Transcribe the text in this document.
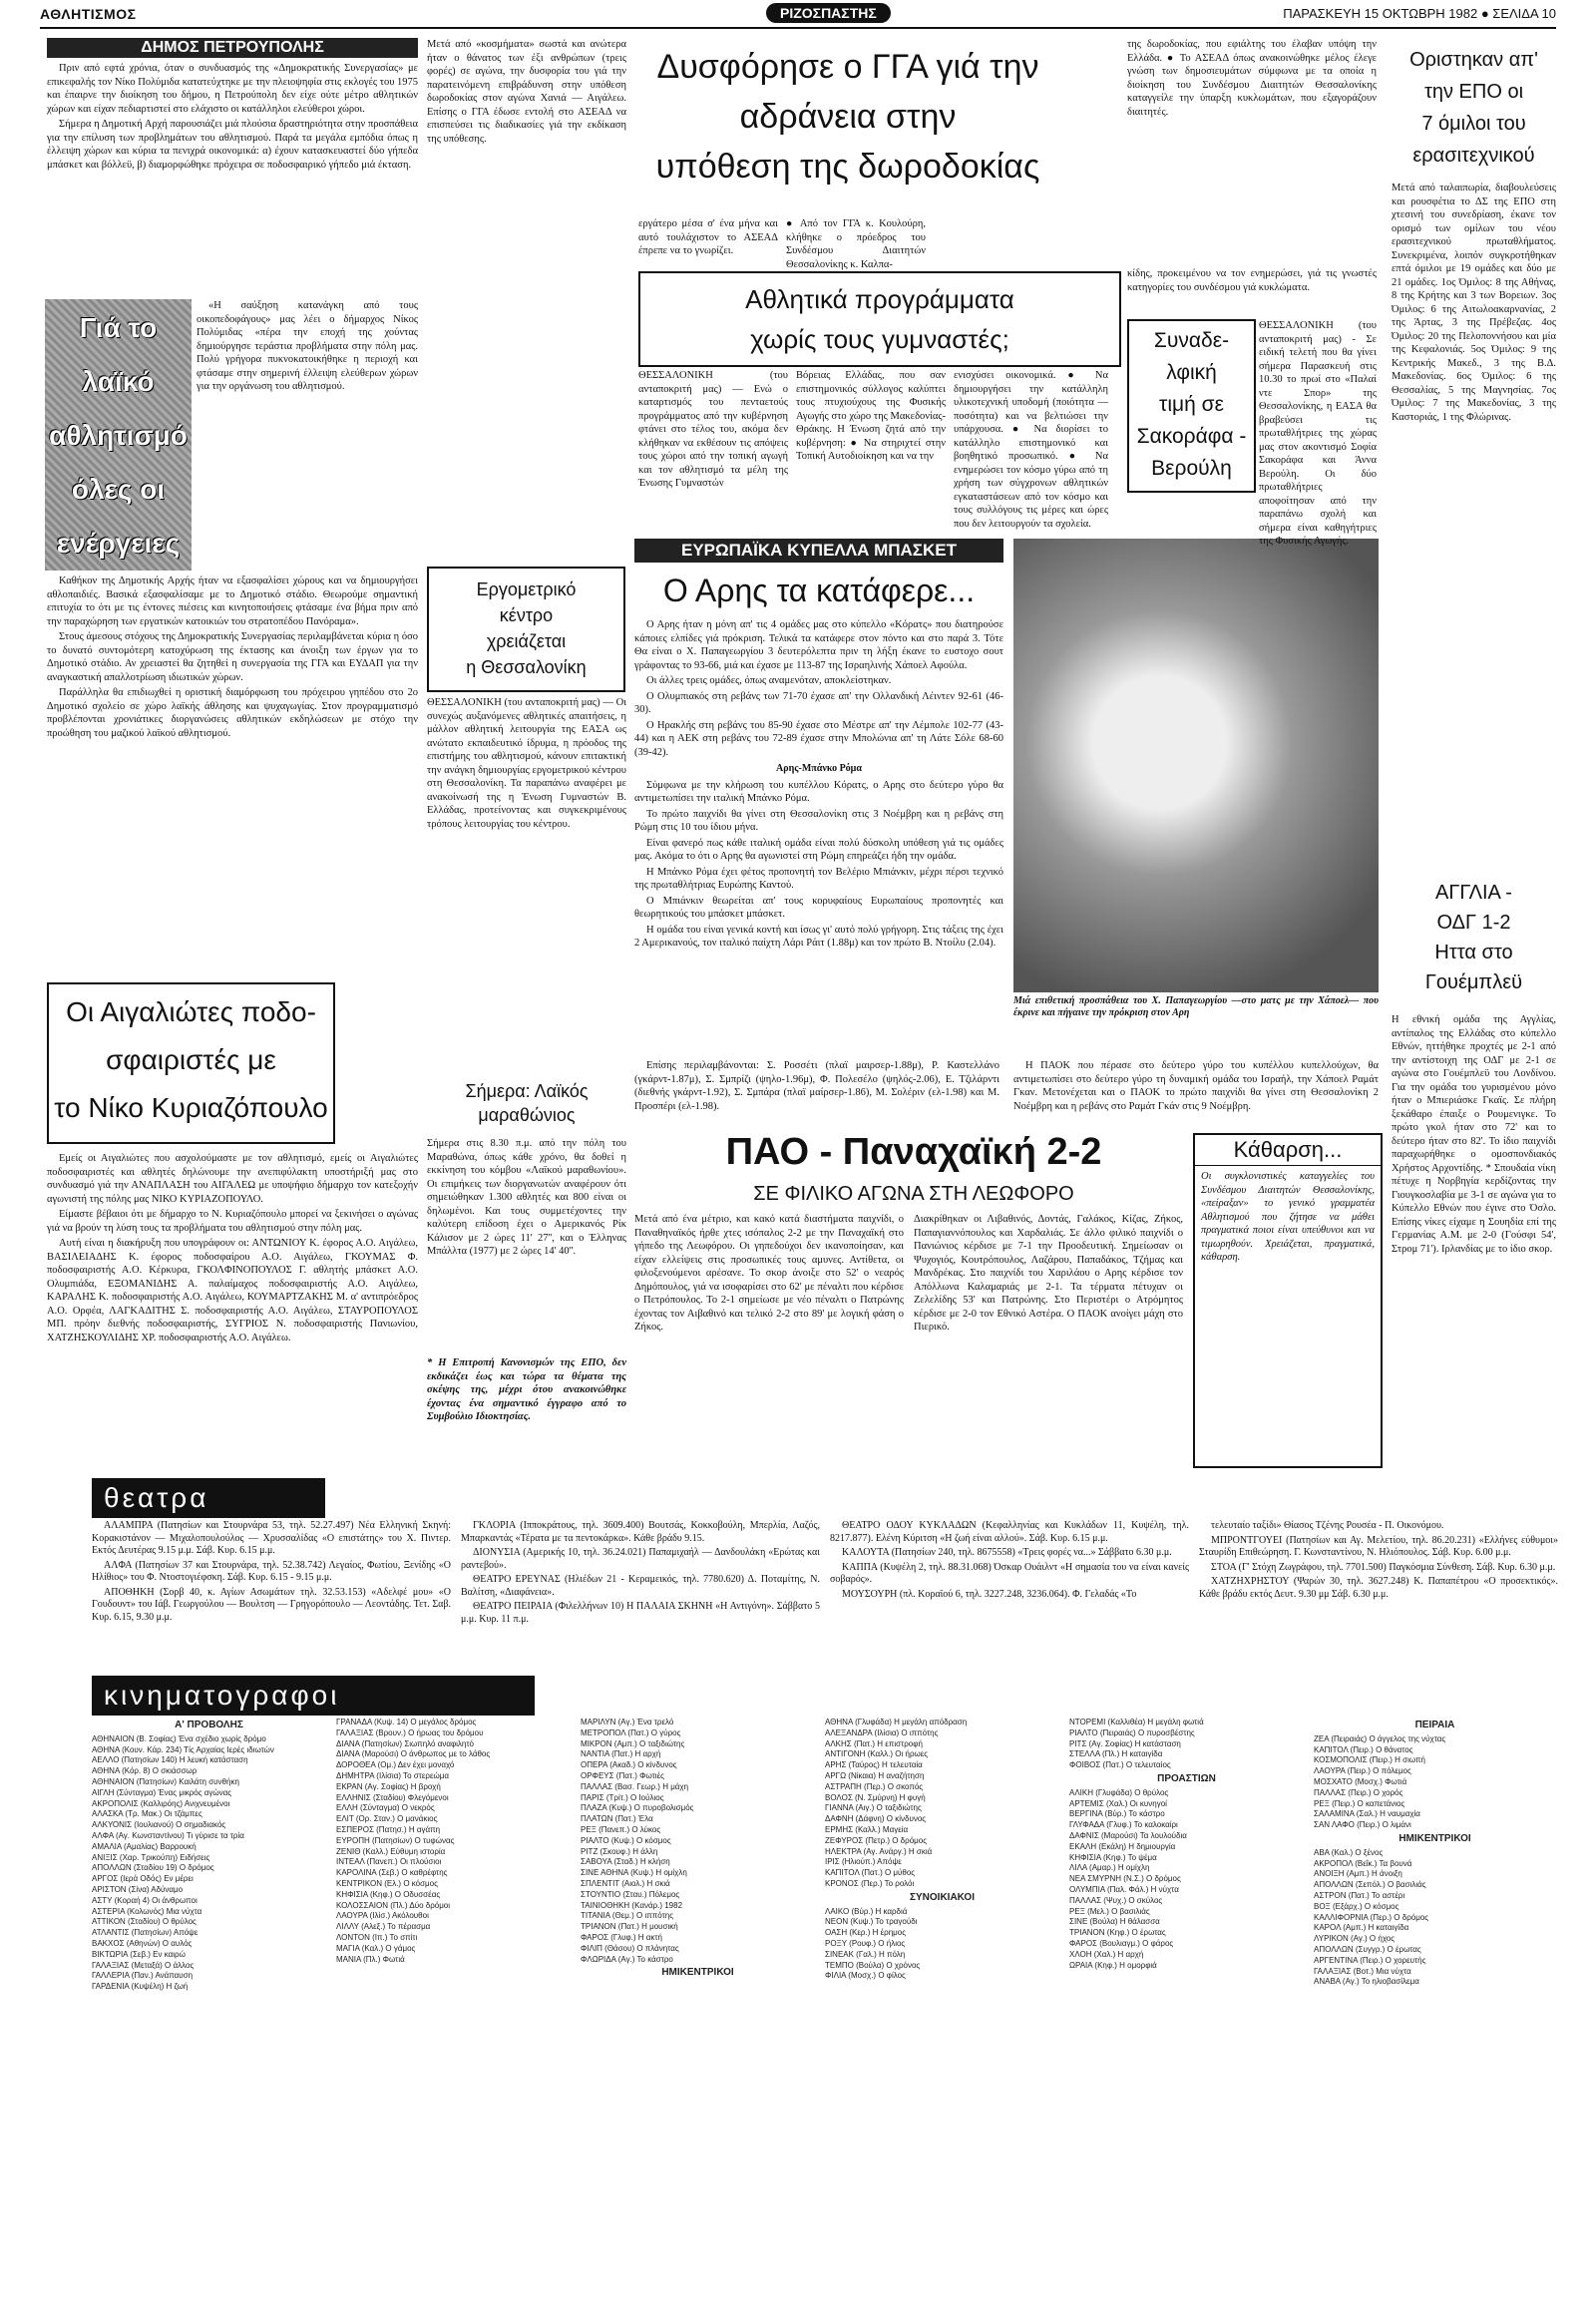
ΑΘΛΗΤΙΣΜΟΣ	ΡΙΖΟΣΠΑΣΤΗΣ	ΠΑΡΑΣΚΕΥΗ 15 ΟΚΤΩΒΡΗ 1982 ● ΣΕΛΙΔΑ 10
ΔΗΜΟΣ ΠΕΤΡΟΥΠΟΛΗΣ
Γιά το
λαϊκό
αθλητισμό
όλες οι
ενέργειες

Πριν από εφτά χρόνια, όταν ο συνδυασμός της «Δημοκρατικής Συνεργασίας» με επικεφαλής τον Νίκο Πολύμιδα κατατεύχτηκε με την πλειοψηφία στις εκλογές του 1975 και έπαιρνε την διοίκηση του δήμου, η Πετρούπολη δεν είχε ούτε μέτρο αθλητικών χώρων και είχαν πεδιαρτιστεί στο ελάχιστο οι κατάλληλοι ελεύθεροι χώροι.

Σήμερα η Δημοτική Αρχή παρουσιάζει μιά πλούσια δραστηριότητα στην προσπάθεια για την επίλυση των προβλημάτων του αθλητισμού. Παρά τα μεγάλα εμπόδια όπως η έλλειψη χώρων και κύρια τα πενιχρά οικονομικά: α) έχουν κατασκευαστεί δύο γήπεδα μπάσκετ και βόλλεϋ, β) διαμορφώθηκε πρόχειρα σε ποδοσφαιρικό γήπεδο μιά έκταση.

«Η σαύξηση κατανάγκη από τους οικοπεδοφάγους» μας λέει ο δήμαρχος Νίκος Πολύμιδας «πέρα την εποχή της χούντας δημιούργησε τεράστια προβλήματα στην πόλη μας. Πολύ γρήγορα πυκνοκατοικήθηκε η περιοχή και φτάσαμε στην σημερινή έλλειψη ελεύθερων χώρων για την οργάνωση του αθλητισμού.

Καθήκον της Δημοτικής Αρχής ήταν να εξασφαλίσει χώρους και να δημιουργήσει αθλοπαιδιές. Βασικά εξασφαλίσαμε με το Δημοτικό στάδιο. Θεωρούμε σημαντική επιτυχία το ότι με τις έντονες πιέσεις και κινητοποιήσεις φτάσαμε ένα βήμα πριν από την παραχώρηση των εργατικών κατοικιών του στρατοπέδου Πανόραμα».

Στους άμεσους στόχους της Δημοκρατικής Συνεργασίας περιλαμβάνεται κύρια η όσο το δυνατό συντομότερη κατοχύρωση της έκτασης και άνοιξη των έργων για το Δημοτικό στάδιο. Αν χρειαστεί θα ζητηθεί η συνεργασία της ΓΓΑ και ΕΥΔΑΠ για την αναγκαστική απαλλοτρίωση ιδιωτικών χώρων.

Παράλληλα θα επιδιωχθεί η οριστική διαμόρφωση του πρόχειρου γηπέδου στο 2ο Δημοτικό σχολείο σε χώρο λαϊκής άθλησης και ψυχαγωγίας. Στον προγραμματισμό προβλέπονται χρονιάτικες διοργανώσεις αθλητικών εκδηλώσεων με στόχο την προώθηση του μαζικού λαϊκού αθλητισμού.

Οι Αιγαλιώτες ποδο-
σφαιριστές με
το Νίκο Κυριαζόπουλο

Εμείς οι Αιγαλιώτες που ασχολούμαστε με τον αθλητισμό, εμείς οι Αιγαλιώτες ποδοσφαιριστές και αθλητές δηλώνουμε την ανεπιφύλακτη υποστήριξή μας στο συνδυασμό γιά την ΑΝΑΠΛΑΣΗ του ΑΙΓΑΛΕΩ με υποψήφιο δήμαρχο τον κατεξοχήν αγωνιστή της πόλης μας ΝΙΚΟ ΚΥΡΙΑΖΟΠΟΥΛΟ.

Είμαστε βέβαιοι ότι με δήμαρχο το Ν. Κυριαζόπουλο μπορεί να ξεκινήσει ο αγώνας γιά να βρούν τη λύση τους τα προβλήματα του αθλητισμού στην πόλη μας.

Αυτή είναι η διακήρυξη που υπογράφουν οι: ΑΝΤΩΝΙΟΥ Κ. έφορος Α.Ο. Αιγάλεω, ΒΑΣΙΛΕΙΑΔΗΣ Κ. έφορος ποδοσφαίρου Α.Ο. Αιγάλεω, ΓΚΟΥΜΑΣ Φ. ποδοσφαιριστής Α.Ο. Κέρκυρα, ΓΚΟΛΦΙΝΟΠΟΥΛΟΣ Γ. αθλητής μπάσκετ Α.Ο. Ολυμπιάδα, ΕΞΟΜΑΝΙΔΗΣ Α. παλαίμαχος ποδοσφαιριστής Α.Ο. Αιγάλεω, ΚΑΡΑΛΗΣ Κ. ποδοσφαιριστής Α.Ο. Αιγάλεω, ΚΟΥΜΑΡΤΖΑΚΗΣ Μ. α' αντιπρόεδρος Α.Ο. Ορφέα, ΛΑΓΚΑΔΙΤΗΣ Σ. ποδοσφαιριστής Α.Ο. Αιγάλεω, ΣΤΑΥΡΟΠΟΥΛΟΣ ΜΠ. πρόην διεθνής ποδοσφαιριστής, ΣΥΓΡΙΟΣ Ν. ποδοσφαιριστής Πανιωνίου, ΧΑΤΖΗΣΚΟΥΛΙΔΗΣ ΧΡ. ποδοσφαιριστής Α.Ο. Αιγάλεω.

Μετά από «κοσμήματα» σωστά και ανώτερα ήταν ο θάνατος των έξι ανθρώπων (τρεις φορές) σε αγώνα, την δυσφορία του γιά την παρατεινόμενη επιβράδυνση στην υπόθεση δωροδοκίας στον αγώνα Χανιά — Αιγάλεω. Επίσης ο ΓΓΑ έδωσε εντολή στο ΑΣΕΑΔ να επισπεύσει τις διαδικασίες γιά την εκδίκαση της υπόθεσης.
Εργομετρικό
κέντρο
χρειάζεται
η Θεσσαλονίκη
ΘΕΣΣΑΛΟΝΙΚΗ (του ανταποκριτή μας) — Οι συνεχώς αυξανόμενες αθλητικές απαιτήσεις, η μάλλον αθλητική λειτουργία της ΕΑΣΑ ως ανώτατο εκπαιδευτικό ίδρυμα, η πρόοδος της επιστήμης του αθλητισμού, κάνουν επιτακτική την ανάγκη δημιουργίας εργομετρικού κέντρου στη Θεσσαλονίκη. Τα παραπάνω αναφέρει με ανακοίνωσή της η Ένωση Γυμναστών Β. Ελλάδας, προτείνοντας και συγκεκριμένους τρόπους λειτουργίας του κέντρου.
Σήμερα: Λαϊκός
μαραθώνιος
Σήμερα στις 8.30 π.μ. από την πόλη του Μαραθώνα, όπως κάθε χρόνο, θα δοθεί η εκκίνηση του κόμβου «Λαϊκού μαραθωνίου». Οι επιμήκεις των διοργανωτών αναφέρουν ότι σημειώθηκαν 1.300 αθλητές και 800 είναι οι δηλωμένοι. Και τους συμμετέχοντες την καλύτερη επίδοση έχει ο Αμερικανός Ρίκ Κάλισον με 2 ώρες 11' 27'', και ο Έλληνας Μπάλλτα (1977) με 2 ώρες 14' 40''.
* Η Επιτροπή Κανονισμών της ΕΠΟ, δεν εκδικάζει έως και τώρα τα θέματα της σκέψης της, μέχρι ότου ανακοινώθηκε έχοντας ένα σημαντικό έγγραφο από το Συμβούλιο Ιδιοκτησίας.
Δυσφόρησε ο ΓΓΑ γιά την
αδράνεια στην
υπόθεση της δωροδοκίας
εργάτερο μέσα σ' ένα μήνα και αυτό τουλάχιστον το ΑΣΕΑΔ έπρεπε να το γνωρίζει.
● Από τον ΓΓΑ κ. Κουλούρη, κλήθηκε ο πρόεδρος του Συνδέσμου Διαιτητών Θεσσαλονίκης κ. Καλπα-
Αθλητικά προγράμματα
χωρίς τους γυμναστές;
ΘΕΣΣΑΛΟΝΙΚΗ (του ανταποκριτή μας) — Ενώ ο καταρτισμός του πενταετούς προγράμματος από την κυβέρνηση φτάνει στο τέλος του, ακόμα δεν κλήθηκαν να εκθέσουν τις απόψεις τους χώροι από την τοπική αγωγή και τον αθλητισμό τα μέλη της Ένωσης Γυμναστών
Βόρειας Ελλάδας, που σαν επιστημονικός σύλλογος καλύπτει τους πτυχιούχους της Φυσικής Αγωγής στο χώρο της Μακεδονίας-Θράκης. Η Ένωση ζητά από την κυβέρνηση: ● Να στηριχτεί στην Τοπική Αυτοδιοίκηση και να την
ενισχύσει οικονομικά. ● Να δημιουργήσει την κατάλληλη υλικοτεχνική υποδομή (ποιότητα — ποσότητα) και να βελτιώσει την υπάρχουσα. ● Να διορίσει το κατάλληλο επιστημονικό και βοηθητικό προσωπικό. ● Να ενημερώσει τον κόσμο γύρω από τη χρήση των σύγχρονων αθλητικών εγκαταστάσεων από τον κόσμο και τους συλλόγους τις μέρες και ώρες που δεν λειτουργούν τα σχολεία.
ΕΥΡΩΠΑΪΚΑ ΚΥΠΕΛΛΑ ΜΠΑΣΚΕΤ
Ο Αρης τα κατάφερε...

Ο Αρης ήταν η μόνη απ' τις 4 ομάδες μας στο κύπελλο «Κόρατς» που διατηρούσε κάποιες ελπίδες γιά πρόκριση. Τελικά τα κατάφερε στον πόντο και στο παρά 3. Τότε Θα είναι ο Χ. Παπαγεωργίου 3 δευτερόλεπτα πριν τη λήξη έκανε το ευστοχο σουτ γράφοντας το 93-66, μιά και έχασε με 113-87 της Ισραηλινής Χάποελ Αφούλα.

Οι άλλες τρεις ομάδες, όπως αναμενόταν, αποκλείστηκαν.

Ο Ολυμπιακός στη ρεβάνς των 71-70 έχασε απ' την Ολλανδική Λέιντεν 92-61 (46-30).

Ο Ηρακλής στη ρεβάνς του 85-90 έχασε στο Μέστρε απ' την Λέμπολε 102-77 (43-44) και η ΑΕΚ στη ρεβάνς του 72-89 έχασε στην Μπολώνια απ' τη Λάτε Σόλε 68-60 (39-42).

Αρης-Μπάνκο Ρόμα

Σύμφωνα με την κλήρωση του κυπέλλου Κόρατς, ο Αρης στο δεύτερο γύρο θα αντιμετωπίσει την ιταλική Μπάνκο Ρόμα.

Το πρώτο παιχνίδι θα γίνει στη Θεσσαλονίκη στις 3 Νοέμβρη και η ρεβάνς στη Ρώμη στις 10 του ίδιου μήνα.

Είναι φανερό πως κάθε ιταλική ομάδα είναι πολύ δύσκολη υπόθεση γιά τις ομάδες μας. Ακόμα το ότι ο Αρης θα αγωνιστεί στη Ρώμη επηρεάζει ήδη την ομάδα.

Η Μπάνκο Ρόμα έχει φέτος προπονητή τον Βελέριο Μπιάνκιν, μέχρι πέρσι τεχνικό της πρωταθλήτριας Ευρώπης Καντού.

Ο Μπιάνκιν θεωρείται απ' τους κορυφαίους Ευρωπαίους προπονητές και θεωρητικούς του μπάσκετ μπάσκετ.

Η ομάδα του είναι γενικά κοντή και ίσως γι' αυτό πολύ γρήγορη. Στις τάξεις της έχει 2 Αμερικανούς, τον ιταλικό παίχτη Λάρι Ράιτ (1.88μ) και τον πρώτο Β. Ντοίλυ (2.04).

Μιά επιθετική προσπάθεια του Χ. Παπαγεωργίου —στο ματς με την Χάποελ— που έκρινε και πήγαινε την πρόκριση στον Αρη

Επίσης περιλαμβάνονται: Σ. Ροσσέτι (πλαϊ μαιρσερ-1.88μ), Ρ. Καστελλάνο (γκάρντ-1.87μ), Σ. Σμπρίζι (ψηλο-1.96μ), Φ. Πολεσέλο (ψηλός-2.06), Ε. Τζιλάρντι (διεθνής γκάρντ-1.92), Σ. Σμπάρα (πλαϊ μαίρσερ-1.86), Μ. Σολέριν (ελ-1.98) και Μ. Προσπέρι (ελ-1.98).

Η ΠΑΟΚ που πέρασε στο δεύτερο γύρο του κυπέλλου κυπελλούχων, θα αντιμετωπίσει στο δεύτερο γύρο τη δυναμική ομάδα του Ισραήλ, την Χάποελ Ραμάτ Γκαν. Μετονέχεται και ο ΠΑΟΚ το πρώτο παιχνίδι θα γίνει στη Θεσσαλονίκη 2 Νοέμβρη και η ρεβάνς στο Ραμάτ Γκάν στις 9 Νοέμβρη.

ΠΑΟ - Παναχαϊκή 2-2
ΣΕ ΦΙΛΙΚΟ ΑΓΩΝΑ ΣΤΗ ΛΕΩΦΟΡΟ
Μετά από ένα μέτριο, και κακό κατά διαστήματα παιχνίδι, ο Παναθηναϊκός ήρθε χτες ισόπαλος 2-2 με την Παναχαϊκή στο γήπεδο της Λεωφόρου. Οι γηπεδούχοι δεν ικανοποίησαν, και είχαν ελλείψεις στις προσωπικές τους αμυνες. Αντίθετα, οι φιλοξενούμενοι αρέσανε. Το σκορ άνοιξε στο 52' ο νεαρός Δημόπουλος, γιά να ισοφαρίσει στο 62' με πέναλτι που κέρδισε ο Πετρόπουλος. Το 2-1 σημείωσε με νέο πέναλτι ο Πατρώνης έχοντας τον Αιβαθινό και τελικό 2-2 στο 89' με λογική φάση ο Ζήκος.
Διακρίθηκαν οι Λιβαθινός, Δοντάς, Γαλάκος, Κίζας, Ζήκος, Παπαγιαννόπουλος και Χαρδαλιάς. Σε άλλο φιλικό παιχνίδι ο Πανιώνιος κέρδισε με 7-1 την Προοδευτική. Σημείωσαν οι Ψυχογιός, Κουτρόπουλος, Λαζάρου, Παπαδάκος, Τζήμας και Μανδρέκας. Στο παιχνίδι του Χαριλάου ο Αρης κέρδισε τον Απόλλωνα Καλαμαριάς με 2-1. Τα τέρματα πέτυχαν οι Ζελελίδης 53' και Πατρώνης. Στο Περιστέρι ο Ατρόμητος κέρδισε με 2-0 τον Εθνικό Αστέρα. Ο ΠΑΟΚ ανοίγει μάχη στο Πιερικό.
Κάθαρση...
Οι συγκλονιστικές καταγγελίες του Συνδέσμου Διαιτητών Θεσσαλονίκης, «πείραξαν» το γενικό γραμματέα Αθλητισμού που ζήτησε να μάθει πραγματικά ποιοι είναι υπεύθυνοι και να τιμωρηθούν. Χρειάζεται, πραγματικά, κάθαρση.
της δωροδοκίας, που εφιάλτης του έλαβαν υπόψη την Ελλάδα. ● Το ΑΣΕΑΔ όπως ανακοινώθηκε μέλος έλεγε γνώση των δημοσιευμάτων σύμφωνα με τα οποία η διοίκηση του Συνδέσμου Διαιτητών Θεσσαλονίκης καταγγείλε την ύπαρξη κυκλωμάτων, που εξαγοράζουν διαιτητές.
κίδης, προκειμένου να τον ενημερώσει, γιά τις γνωστές κατηγορίες του συνδέσμου γιά κυκλώματα.
Συναδε-
λφική
τιμή σε
Σακοράφα -
Βερούλη
ΘΕΣΣΑΛΟΝΙΚΗ (του ανταποκριτή μας) - Σε ειδική τελετή που θα γίνει σήμερα Παρασκευή στις 10.30 το πρωί στο «Παλαί ντε Σπορ» της Θεσσαλονίκης, η ΕΑΣΑ θα βραβεύσει τις πρωταθλήτριες της χώρας μας στον ακοντισμό Σοφία Σακοράφα και Άννα Βερούλη. Οι δύο πρωταθλήτριες αποφοίτησαν από την παραπάνω σχολή και σήμερα είναι καθηγήτριες της Φυσικής Αγωγής.
Οριστηκαν απ'
την ΕΠΟ οι
7 όμιλοι του
ερασιτεχνικού
Μετά από ταλαιπωρία, διαβουλεύσεις και ρουσφέτια το ΔΣ της ΕΠΟ στη χτεσινή του συνεδρίαση, έκανε τον ορισμό των ομίλων του νέου ερασιτεχνικού πρωταθλήματος. Συνεκριμένα, λοιπόν συγκροτήθηκαν επτά όμιλοι με 19 ομάδες και δύο με 21 ομάδες. 1ος Όμιλος: 8 της Αθήνας, 8 της Κρήτης και 3 των Βορειων. 3ος Όμιλος: 6 της Αιτωλοακαρνανίας, 2 της Άρτας, 3 της Πρέβεζας. 4ος Όμιλος: 20 της Πελοποννήσου και μία της Κεφαλονιάς. 5ος Όμιλος: 9 της Κεντρικής Μακεδ., 3 της Β.Δ. Μακεδονίας. 6ος Όμιλος: 6 της Θεσσαλίας, 5 της Μαγνησίας. 7ος Όμιλος: 7 της Μακεδονίας, 3 της Καστοριάς, 1 της Φλώρινας.
ΑΓΓΛΙΑ -
ΟΔΓ 1-2
Ηττα στο
Γουέμπλεϋ
Η εθνική ομάδα της Αγγλίας, αντίπαλος της Ελλάδας στο κύπελλο Εθνών, ηττήθηκε προχτές με 2-1 από την αντίστοιχη της ΟΔΓ με 2-1 σε αγώνα στο Γουέμπλεϋ του Λονδίνου. Για την ομάδα του γυρισμένου μόνο ήταν ο Μπιεριάσκε Γκαϊς. Σε πλήρη ξεκάθαρο έπαιξε ο Ρουμενιγκε. Το πρώτο γκολ ήταν στο 72' και το δεύτερο ήταν στο 82'. Το ίδιο παιχνίδι παραχωρήθηκε ο ομοσπονδιακός Χρήστος Αρχοντίδης. * Σπουδαία νίκη πέτυχε η Νορβηγία κερδίζοντας την Γιουγκοσλαβία με 3-1 σε αγώνα για το Κύπελλο Εθνών που έγινε στο Όσλο. Επίσης νίκες είχαμε η Σουηδία επί της Γερμανίας Α.Μ. με 2-0 (Γούσφι 54', Στρομ 71'). Ιρλανδίας με το ίδιο σκορ.
θεατρα

ΑΛΑΜΠΡΑ (Πατησίων και Στουρνάρα 53, τηλ. 52.27.497) Νέα Ελληνική Σκηνή: Κορακιστάνον — Μιχαλοπουλούλος — Χρυσσαλίδας «Ο επιστάτης» του Χ. Πιντερ. Εκτός Δευτέρας 9.15 μ.μ. Σάβ. Κυρ. 6.15 μ.μ.

ΑΛΦΑ (Πατησίων 37 και Στουρνάρα, τηλ. 52.38.742) Λεγαίος, Φωτίου, Ξενίδης «Ο Ηλίθιος» του Φ. Ντοστογιέφσκη. Σάβ. Κυρ. 6.15 - 9.15 μ.μ.

ΑΠΟΘΗΚΗ (Σορβ 40, κ. Αγίων Ασωμάτων τηλ. 32.53.153) «Αδελφέ μου» «Ο Γουδουντ» του Ιάβ. Γεωργούλου — Βουλτση — Γρηγορόπουλο — Λεοντάδης. Τετ. Σαβ. Κυρ. 6.15, 9.30 μ.μ.

ΓΚΛΟΡΙΑ (Ιπποκράτους, τηλ. 3609.400) Βουτσάς, Κοκκοβούλη, Μπερλία, Λαζός, Μπαρκαντάς «Τέρατα με τα πεντοκάρκα». Κάθε βράδυ 9.15.

ΔΙΟΝΥΣΙΑ (Αμερικής 10, τηλ. 36.24.021) Παπαμιχαήλ — Δανδουλάκη «Ερώτας και ραντεβού».

ΘΕΑΤΡΟ ΕΡΕΥΝΑΣ (Ηλιέδων 21 - Κεραμεικός, τηλ. 7780.620) Δ. Ποταμίτης, Ν. Βαλίτση, «Διαφάνεια».

ΘΕΑΤΡΟ ΠΕΙΡΑΙΑ (Φιλελλήνων 10) Η ΠΑΛΑΙΑ ΣΚΗΝΗ «Η Αντιγόνη». Σάββατο 5 μ.μ. Κυρ. 11 π.μ.

ΘΕΑΤΡΟ ΟΔΟΥ ΚΥΚΛΑΔΩΝ (Κεφαλληνίας και Κυκλάδων 11, Κυψέλη, τηλ. 8217.877). Ελένη Κύριτση «Η ζωή είναι αλλού». Σάβ. Κυρ. 6.15 μ.μ.

ΚΑΛΟΥΤΑ (Πατησίων 240, τηλ. 8675558) «Τρεις φορές να...» Σάββατο 6.30 μ.μ.

ΚΑΠΠΑ (Κυψέλη 2, τηλ. 88.31.068) Όσκαρ Ουάιλντ «Η σημασία του να είναι κανείς σοβαρός».

ΜΟΥΣΟΥΡΗ (πλ. Κοραϊού 6, τηλ. 3227.248, 3236.064). Φ. Γελαδάς «Το

τελευταίο ταξίδι» Θίασος Τζένης Ρουσέα - Π. Οικονόμου.

ΜΠΡΟΝΤΓΟΥΕΙ (Πατησίων και Αγ. Μελετίου, τηλ. 86.20.231) «Ελλήνες εύθυμοι» Σταυρίδη Επιθεώρηση. Γ. Κωνσταντίνου, Ν. Ηλιόπουλος. Σάβ. Κυρ. 6.00 μ.μ.

ΣΤΟΑ (Γ' Στόχη Ζωγράφου, τηλ. 7701.500) Παγκόσμια Σύνθεση. Σάβ. Κυρ. 6.30 μ.μ.

ΧΑΤΖΗΧΡΗΣΤΟΥ (Ψαρών 30, τηλ. 3627.248) Κ. Παπαπέτρου «Ο προσεκτικός». Κάθε βράδυ εκτός Δευτ. 9.30 μμ Σάβ. 6.30 μ.μ.

κινηματογραφοι
Α' ΠΡΟΒΟΛΗΣ
ΑΘΗΝΑΙΟΝ (Β. Σοφίας) Ένα σχέδιο χωρίς δρόμο
ΑΘΗΝΑ (Κουν. Κάρ. 234) Τίς Αρχαίας Ιερές ιδιωτών
ΑΕΛΛΟ (Πατησίων 140) Η λευκή κατάσταση
ΑΘΗΝΑ (Κόρ. 8) Ο σκιάσσωρ
ΑΘΗΝΑΙΟΝ (Πατησίων) Καιλάτη συνθήκη
ΑΙΓΛΗ (Σύνταγμα) Ένας μικρός αγώνας
ΑΚΡΟΠΟΛΙΣ (Καλλιρόης) Ανιχνευμένοι
ΑΛΑΣΚΑ (Τρ. Μακ.) Οι τζάμπες
ΑΛΚΥΟΝΙΣ (Ιουλιανού) Ο σημαδιακός
ΑΛΦΑ (Αγ. Κωνσταντίνου) Τι γύρισε τα τρία
ΑΜΑΛΙΑ (Αμαλίας) Βαρρουκή
ΑΝΙΞΙΣ (Χαρ. Τρικούπη) Ειδήσεις
ΑΠΟΛΛΩΝ (Σταδίου 19) Ο δρόμος
ΑΡΓΟΣ (Ιερά Οδός) Εν μέρει
ΑΡΙΣΤΟΝ (Σίνα) Αδύναμο
ΑΣΤΥ (Κοραή 4) Οι άνθρωποι
ΑΣΤΕΡΙΑ (Κολωνός) Μια νύχτα
ΑΤΤΙΚΟΝ (Σταδίου) Ο θρύλος
ΑΤΛΑΝΤΙΣ (Πατησίων) Απόψε
ΒΑΚΧΟΣ (Αθηνών) Ο αυλός
ΒΙΚΤΩΡΙΑ (Σεβ.) Εν καιρώ
ΓΑΛΑΞΙΑΣ (Μεταξά) Ο άλλος
ΓΑΛΛΕΡΙΑ (Παν.) Ανάπαυση
ΓΑΡΔΕΝΙΑ (Κυψέλη) Η ζωή
ΓΡΑΝΑΔΑ (Κυψ. 14) Ο μεγάλος δρόμος
ΓΑΛΑΞΙΑΣ (Βρουν.) Ο ήρωας του δρόμου
ΔΙΑΝΑ (Πατησίων) Σιωπηλό αναφιλητό
ΔΙΑΝΑ (Μαρούσι) Ο άνθρωπος με το λάθος
ΔΟΡΟΘΕΑ (Ομ.) Δεν έχει μοναχό
ΔΗΜΗΤΡΑ (Ιλίσια) Το στερεώμα
ΕΚΡΑΝ (Αγ. Σοφίας) Η βροχή
ΕΛΛΗΝΙΣ (Σταδίου) Φλεγόμενοι
ΕΛΛΗ (Σύνταγμα) Ο νεκρός
ΕΛΙΤ (Ορ. Σταν.) Ο μανάκιος
ΕΣΠΕΡΟΣ (Πατησ.) Η αγάπη
ΕΥΡΟΠΗ (Πατησίων) Ο τυφώνας
ΖΕΝΙΘ (Καλλ.) Εύθυμη ιστορία
ΙΝΤΕΑΛ (Πανεπ.) Οι πλούσιοι
ΚΑΡΟΛΙΝΑ (Σεβ.) Ο καθρέφτης
ΚΕΝΤΡΙΚΟΝ (Ελ.) Ο κόσμος
ΚΗΦΙΣΙΑ (Κηφ.) Ο Οδυσσέας
ΚΟΛΟΣΣΑΙΟΝ (Πλ.) Δύο δρόμοι
ΛΑΟΥΡΑ (Ιλίσ.) Ακόλουθοι
ΛΙΛΛΥ (Αλεξ.) Το πέρασμα
ΛΟΝΤΟΝ (Ιπ.) Το σπίτι
ΜΑΓΙΑ (Καλ.) Ο γάμος
ΜΑΝΙΑ (Πλ.) Φωτιά
ΜΑΡΙΛΥΝ (Αγ.) Ένα τρελό
ΜΕΤΡΟΠΟΛ (Πατ.) Ο γύρος
ΜΙΚΡΟΝ (Αμπ.) Ο ταξιδιώτης
ΝΑΝΤΙΑ (Πατ.) Η αρχή
ΟΠΕΡΑ (Ακαδ.) Ο κίνδυνος
ΟΡΦΕΥΣ (Πατ.) Φωτιές
ΠΑΛΛΑΣ (Βασ. Γεωρ.) Η μάχη
ΠΑΡΙΣ (Τρίτ.) Ο Ιούλιος
ΠΛΑΖΑ (Κυψ.) Ο πυροβολισμός
ΠΛΑΤΩΝ (Πατ.) Έλα
ΡΕΞ (Πανεπ.) Ο λύκος
ΡΙΑΛΤΟ (Κυψ.) Ο κόσμος
ΡΙΤΖ (Σκουφ.) Η άλλη
ΣΑΒΟΥΑ (Σταδ.) Η κλήση
ΣΙΝΕ ΑΘΗΝΑ (Κυψ.) Η ομίχλη
ΣΠΛΕΝΤΙΤ (Αιολ.) Η σκιά
ΣΤΟΥΝΤΙΟ (Σταυ.) Πόλεμος
ΤΑΙΝΙΟΘΗΚΗ (Κανάρ.) 1982
ΤΙΤΑΝΙΑ (Θεμ.) Ο ιππότης
ΤΡΙΑΝΟΝ (Πατ.) Η μουσική
ΦΑΡΟΣ (Γλυφ.) Η ακτή
ΦΙΛΙΠ (Θάσου) Ο πλάνητας
ΦΛΩΡΙΔΑ (Αγ.) Το κάστρο
ΗΜΙΚΕΝΤΡΙΚΟΙ
ΑΘΗΝΑ (Γλυφάδα) Η μεγάλη απόδραση
ΑΛΕΞΑΝΔΡΑ (Ιλίσια) Ο ιππότης
ΑΛΚΗΣ (Πατ.) Η επιστροφή
ΑΝΤΙΓΟΝΗ (Καλλ.) Οι ήρωες
ΑΡΗΣ (Ταύρος) Η τελευταία
ΑΡΓΩ (Νίκαια) Η αναζήτηση
ΑΣΤΡΑΠΗ (Περ.) Ο σκοπός
ΒΟΛΟΣ (Ν. Σμύρνη) Η φυγή
ΓΙΑΝΝΑ (Αιγ.) Ο ταξιδιώτης
ΔΑΦΝΗ (Δάφνη) Ο κίνδυνος
ΕΡΜΗΣ (Καλλ.) Μαγεία
ΖΕΦΥΡΟΣ (Πετρ.) Ο δρόμος
ΗΛΕΚΤΡΑ (Αγ. Ανάργ.) Η σκιά
ΙΡΙΣ (Ηλιούπ.) Απόψε
ΚΑΠΙΤΟΛ (Πατ.) Ο μύθος
ΚΡΟΝΟΣ (Περ.) Το ρολόι
ΣΥΝΟΙΚΙΑΚΟΙ
ΛΑΙΚΟ (Βύρ.) Η καρδιά
ΝΕΟΝ (Κυψ.) Το τραγούδι
ΟΑΣΗ (Κερ.) Η έρημος
ΡΟΞΥ (Ρουφ.) Ο ήλιος
ΣΙΝΕΑΚ (Γαλ.) Η πόλη
ΤΕΜΠΟ (Βούλα) Ο χρόνος
ΦΙΛΙΑ (Μοσχ.) Ο φίλος
ΝΤΟΡΕΜΙ (Καλλιθέα) Η μεγάλη φωτιά
ΡΙΑΛΤΟ (Πειραιάς) Ο πυροσβέστης
ΡΙΤΣ (Αγ. Σοφίας) Η κατάσταση
ΣΤΕΛΛΑ (Πλ.) Η καταιγίδα
ΦΟΙΒΟΣ (Πατ.) Ο τελευταίος
ΠΡΟΑΣΤΙΩΝ
ΑΛΙΚΗ (Γλυφάδα) Ο θρύλος
ΑΡΤΕΜΙΣ (Χαλ.) Οι κυνηγοί
ΒΕΡΓΙΝΑ (Βύρ.) Το κάστρο
ΓΛΥΦΑΔΑ (Γλυφ.) Το καλοκαίρι
ΔΑΦΝΙΣ (Μαρούσι) Τα λουλούδια
ΕΚΑΛΗ (Εκάλη) Η δημιουργία
ΚΗΦΙΣΙΑ (Κηφ.) Το ψέμα
ΛΙΛΑ (Αμαρ.) Η ομίχλη
ΝΕΑ ΣΜΥΡΝΗ (Ν.Σ.) Ο δρόμος
ΟΛΥΜΠΙΑ (Παλ. Φάλ.) Η νύχτα
ΠΑΛΛΑΣ (Ψυχ.) Ο σκύλος
ΡΕΞ (Μελ.) Ο βασιλιάς
ΣΙΝΕ (Βούλα) Η θάλασσα
ΤΡΙΑΝΟΝ (Κηφ.) Ο έρωτας
ΦΑΡΟΣ (Βουλιαγμ.) Ο φάρος
ΧΛΟΗ (Χαλ.) Η αρχή
ΩΡΑΙΑ (Κηφ.) Η ομορφιά
ΠΕΙΡΑΙΑ
ΖΕΑ (Πειραιάς) Ο άγγελος της νύχτας
ΚΑΠΙΤΟΛ (Πειρ.) Ο θάνατος
ΚΟΣΜΟΠΟΛΙΣ (Πειρ.) Η σιωπή
ΛΑΟΥΡΑ (Πειρ.) Ο πόλεμος
ΜΟΣΧΑΤΟ (Μοσχ.) Φωτιά
ΠΑΛΛΑΣ (Πειρ.) Ο χορός
ΡΕΞ (Πειρ.) Ο καπετάνιος
ΣΑΛΑΜΙΝΑ (Σαλ.) Η ναυμαχία
ΣΑΝ ΛΑΦΟ (Πειρ.) Ο λιμάνι
ΗΜΙΚΕΝΤΡΙΚΟΙ
ΑΒΑ (Καλ.) Ο ξένος
ΑΚΡΟΠΟΛ (Βεΐκ.) Τα βουνά
ΑΝΟΙΞΗ (Αμπ.) Η άνοιξη
ΑΠΟΛΛΩΝ (Σεπόλ.) Ο βασιλιάς
ΑΣΤΡΟΝ (Πατ.) Το αστέρι
ΒΟΞ (Εξάρχ.) Ο κόσμος
ΚΑΛΛΙΦΟΡΝΙΑ (Περ.) Ο δρόμος
ΚΑΡΟΛ (Αμπ.) Η καταιγίδα
ΛΥΡΙΚΟΝ (Αγ.) Ο ήχος
ΑΠΟΛΛΩΝ (Συγγρ.) Ο έρωτας
ΑΡΓΕΝΤΙΝΑ (Πειρ.) Ο χορευτής
ΓΑΛΑΞΙΑΣ (Βοτ.) Μια νύχτα
ΑΝΑΒΑ (Αγ.) Το ηλιοβασίλεμα
